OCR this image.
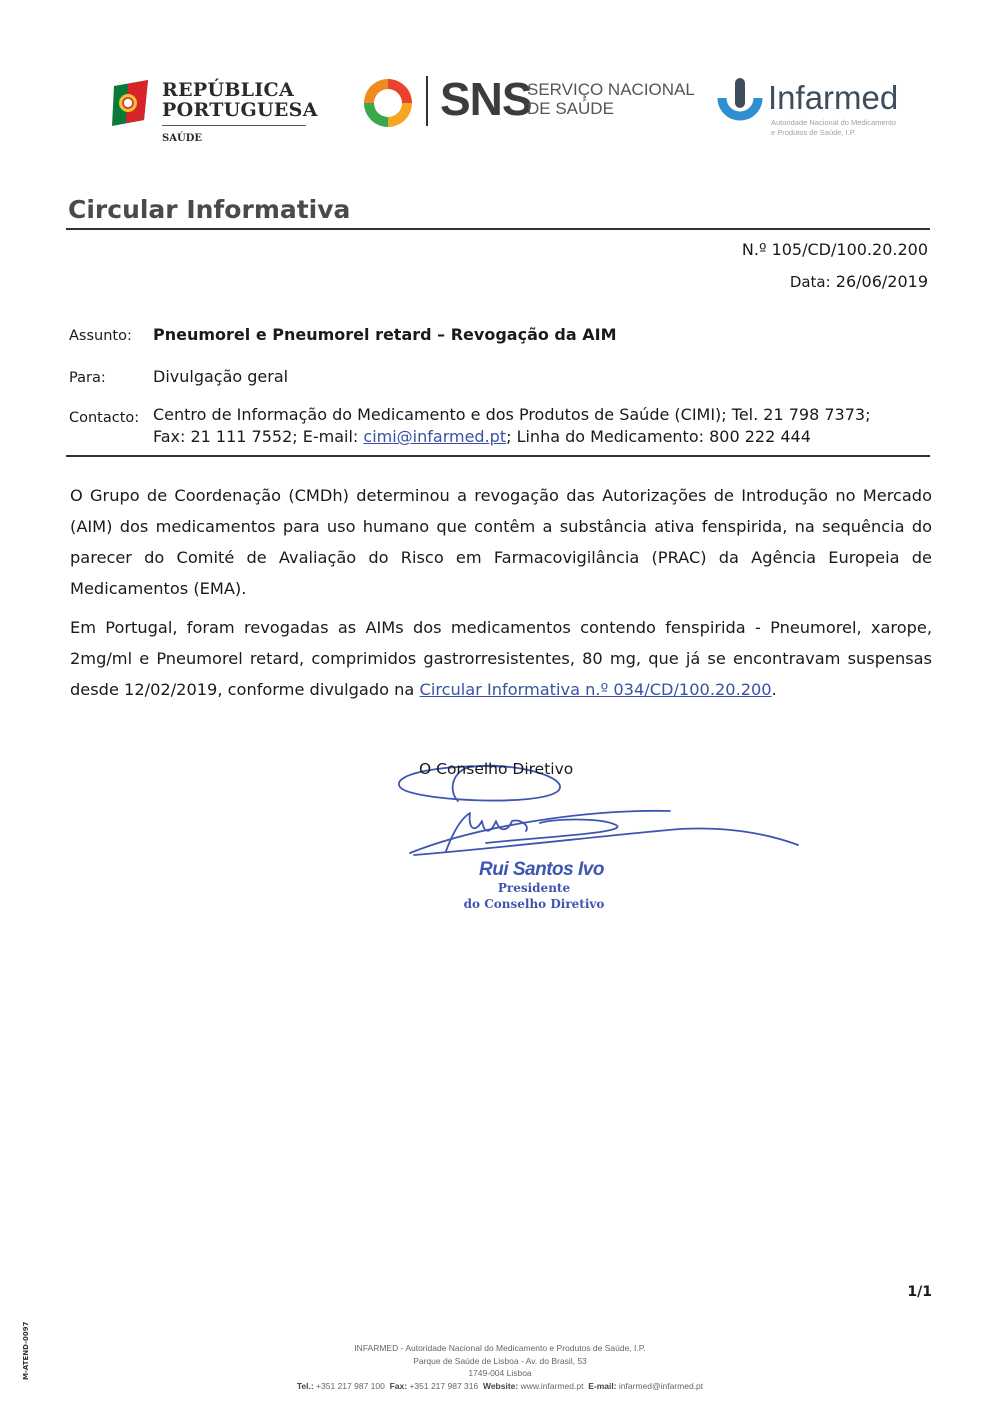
REPÚBLICA
PORTUGUESA
SAÚDE
SNS
SERVIÇO NACIONAL
DE SAÚDE	Infarmed
Autoridade Nacional do Medicamento
e Produtos de Saúde, I.P.
Circular Informativa
N.º 105/CD/100.20.200
Data: 26/06/2019
Assunto: Pneumorel e Pneumorel retard – Revogação da AIM
Para:	Divulgação geral
Contacto: Centro de Informação do Medicamento e dos Produtos de Saúde (CIMI); Tel. 21 798 7373;
Fax: 21 111 7552; E-mail: cimi@infarmed.pt; Linha do Medicamento: 800 222 444
O Grupo de Coordenação (CMDh) determinou a revogação das Autorizações de Introdução no Mercado (AIM) dos medicamentos para uso humano que contêm a substância ativa fenspirida, na sequência do parecer do Comité de Avaliação do Risco em Farmacovigilância (PRAC) da Agência Europeia de Medicamentos (EMA).
Em Portugal, foram revogadas as AIMs dos medicamentos contendo fenspirida - Pneumorel, xarope, 2mg/ml e Pneumorel retard, comprimidos gastrorresistentes, 80 mg, que já se encontravam suspensas desde 12/02/2019, conforme divulgado na Circular Informativa n.º 034/CD/100.20.200.
O Conselho Diretivo
Rui Santos Ivo
Presidente
do Conselho Diretivo
1/1
M-ATEND-0097	INFARMED - Autoridade Nacional do Medicamento e Produtos de Saúde, I.P.
Parque de Saúde de Lisboa - Av. do Brasil, 53
1749-004 Lisboa
Tel.: +351 217 987 100 Fax: +351 217 987 316 Website: www.infarmed.pt E-mail: infarmed@infarmed.pt
